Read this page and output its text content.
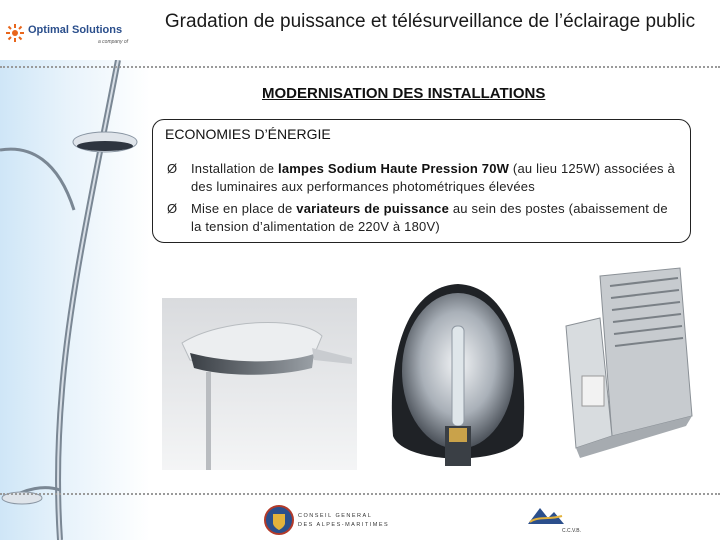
Optimal Solutions
a company of
Gradation de puissance et télésurveillance de l’éclairage public
MODERNISATION DES INSTALLATIONS
ECONOMIES D’ÉNERGIE
Ø Installation de lampes Sodium Haute Pression 70W (au lieu 125W) associées à des luminaires aux performances photométriques élevées
Ø Mise en place de variateurs de puissance au sein des postes (abaissement de la tension d’alimentation de 220V à 180V)
CONSEIL GENERAL
DES ALPES-MARITIMES
C.C.V.B.
